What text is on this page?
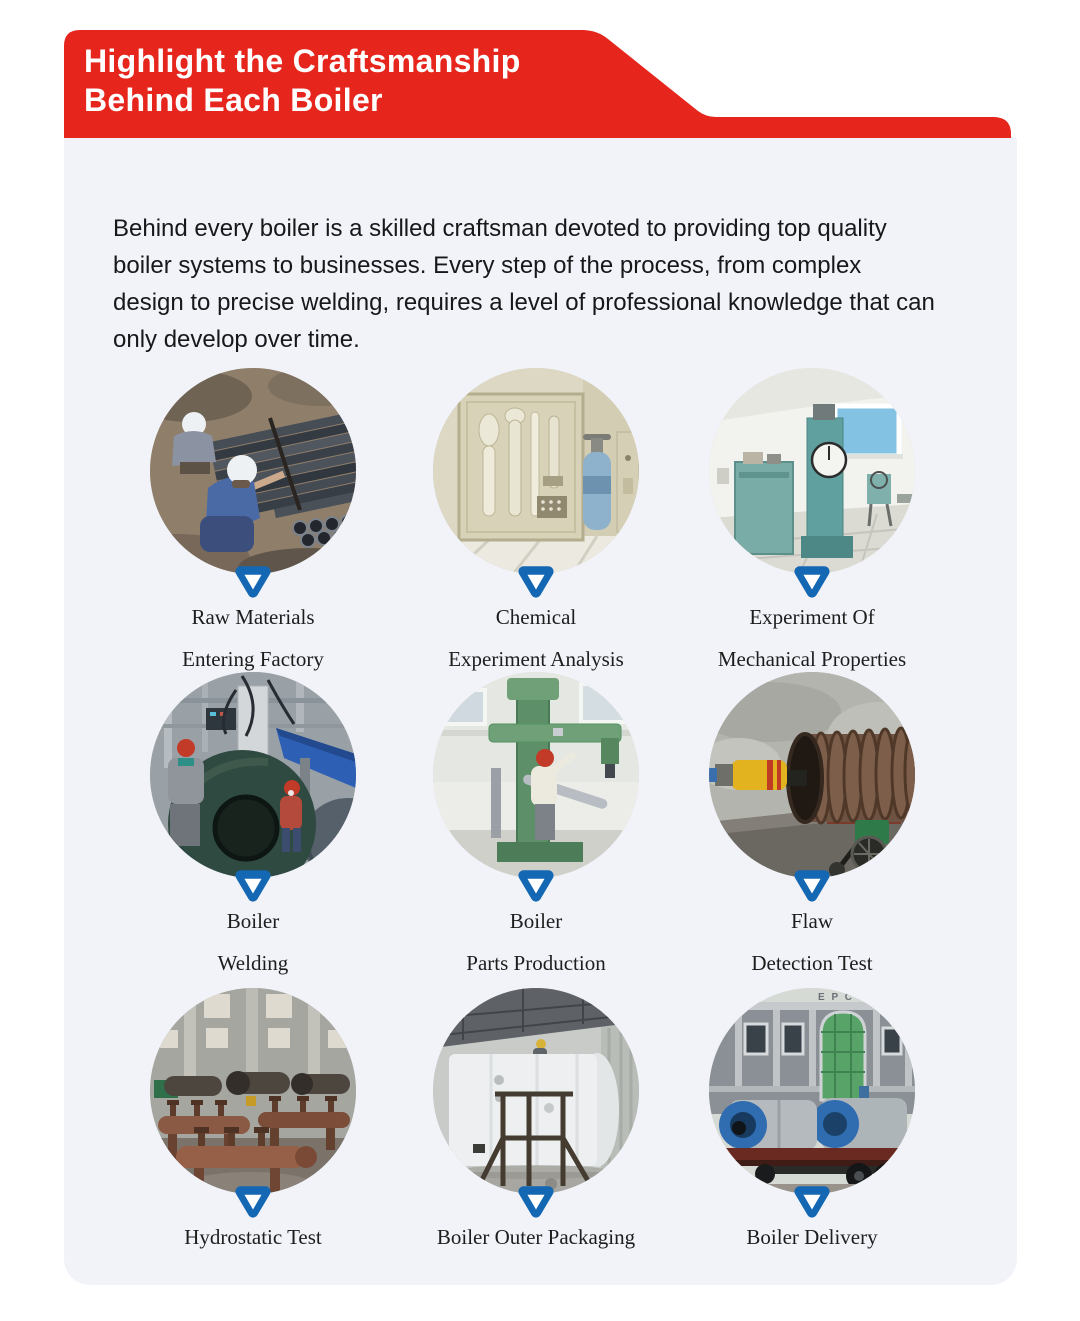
Highlight the Craftsmanship
Behind Each Boiler

Behind every boiler is a skilled craftsman devoted to providing top quality boiler systems to businesses. Every step of the process, from complex design to precise welding, requires a level of professional knowledge that can only develop over time.

Raw Materials
Entering Factory
Chemical
Experiment Analysis
Experiment Of
Mechanical Properties
Boiler
Welding
Boiler
Parts Production
Flaw
Detection Test
Hydrostatic Test	Boiler Outer Packaging
E P C B
Boiler Delivery
